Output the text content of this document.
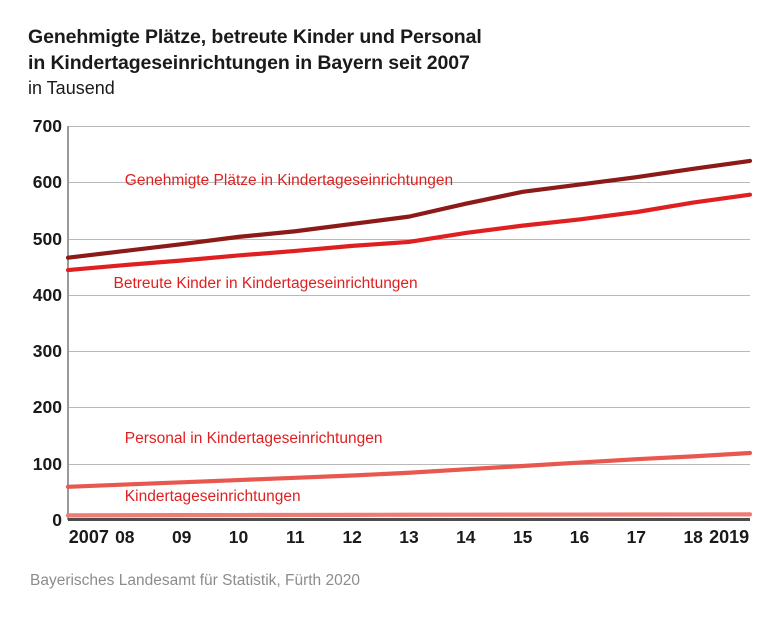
Genehmigte Plätze, betreute Kinder und Personal
in Kindertageseinrichtungen in Bayern seit 2007
in Tausend
0
100
200
300
400
500
600
700
Genehmigte Plätze in Kindertageseinrichtungen
Betreute Kinder in Kindertageseinrichtungen
Personal in Kindertageseinrichtungen
Kindertageseinrichtungen
2007 08 09 10 11 12 13 14 15 16 17 18 2019
Bayerisches Landesamt für Statistik, Fürth 2020
